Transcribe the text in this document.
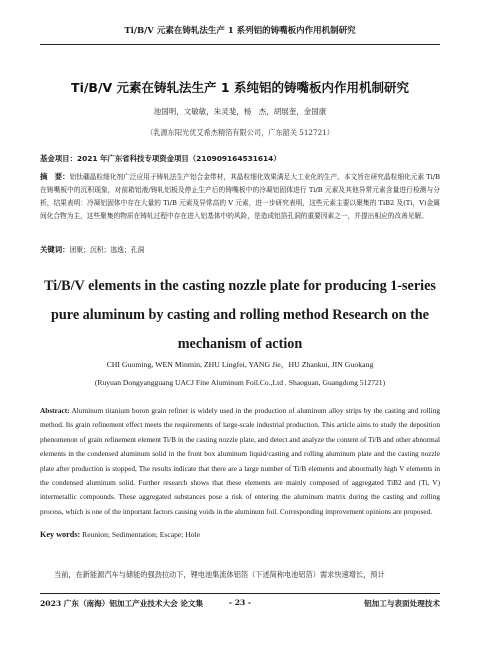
Ti/B/V 元素在铸轧法生产 1 系列铝的铸嘴板内作用机制研究
Ti/B/V 元素在铸轧法生产 1 系纯铝的铸嘴板内作用机制研究
池国明，文敏敏，朱灵斐，杨　杰，胡展奎，金国康
（乳源东阳光优艾希杰精箔有限公司，广东韶关 512721）
基金项目：2021 年广东省科技专项资金项目（210909164531614）
摘　要：铝钛硼晶粒细化剂广泛应用于铸轧法生产铝合金带材，其晶粒细化效果满足大工业化的生产。本文旨在研究晶粒细化元素 Ti/B 在铸嘴板中的沉积现象，对前箱铝液/铸轧铝板及停止生产后的铸嘴板中的冷凝铝固体进行 Ti/B 元素及其他异常元素含量进行检测与分析，结果表明：冷凝铝固体中存在大量的 Ti/B 元素及异常高的 V 元素，进一步研究表明，这些元素主要以聚集的 TiB2 及(Ti，V)金属间化合物为主，这些聚集的物质在铸轧过程中存在进入铝基体中的风险，是造成铝箔孔洞的重要因素之一，并提出相应的改善见解。
关键词：团聚；沉积；逃逸；孔洞
Ti/B/V elements in the casting nozzle plate for producing 1-series pure aluminum by casting and rolling method Research on the mechanism of action
CHI Guoming, WEN Minmin, ZHU Lingfei, YANG Jie，HU Zhankui, JIN Guokang
(Ruyuan Dongyangguang UACJ Fine Aluminum Foil.Co.,Ltd . Shaoguan, Guangdong 512721)
Abstract: Aluminum titanium boron grain refiner is widely used in the production of aluminum alloy strips by the casting and rolling method. Its grain refinement effect meets the requirements of large-scale industrial production. This article aims to study the deposition phenomenon of grain refinement element Ti/B in the casting nozzle plate, and detect and analyze the content of Ti/B and other abnormal elements in the condensed aluminum solid in the front box aluminum liquid/casting and rolling aluminum plate and the casting nozzle plate after production is stopped, The results indicate that there are a large number of Ti/B elements and abnormally high V elements in the condensed aluminum solid. Further research shows that these elements are mainly composed of aggregated TiB2 and (Ti, V) intermetallic compounds. These aggregated substances pose a risk of entering the aluminum matrix during the casting and rolling process, which is one of the important factors causing voids in the aluminum foil. Corresponding improvement opinions are proposed.
Key words: Reunion; Sedimentation; Escape; Hole
当前，在新能源汽车与储能的强劲拉动下，锂电池集流体铝箔（下述简称电池铝箔）需求快速增长，预计
2023 广东（南海）铝加工产业技术大会 论文集	- 23 -	铝加工与表面处理技术
